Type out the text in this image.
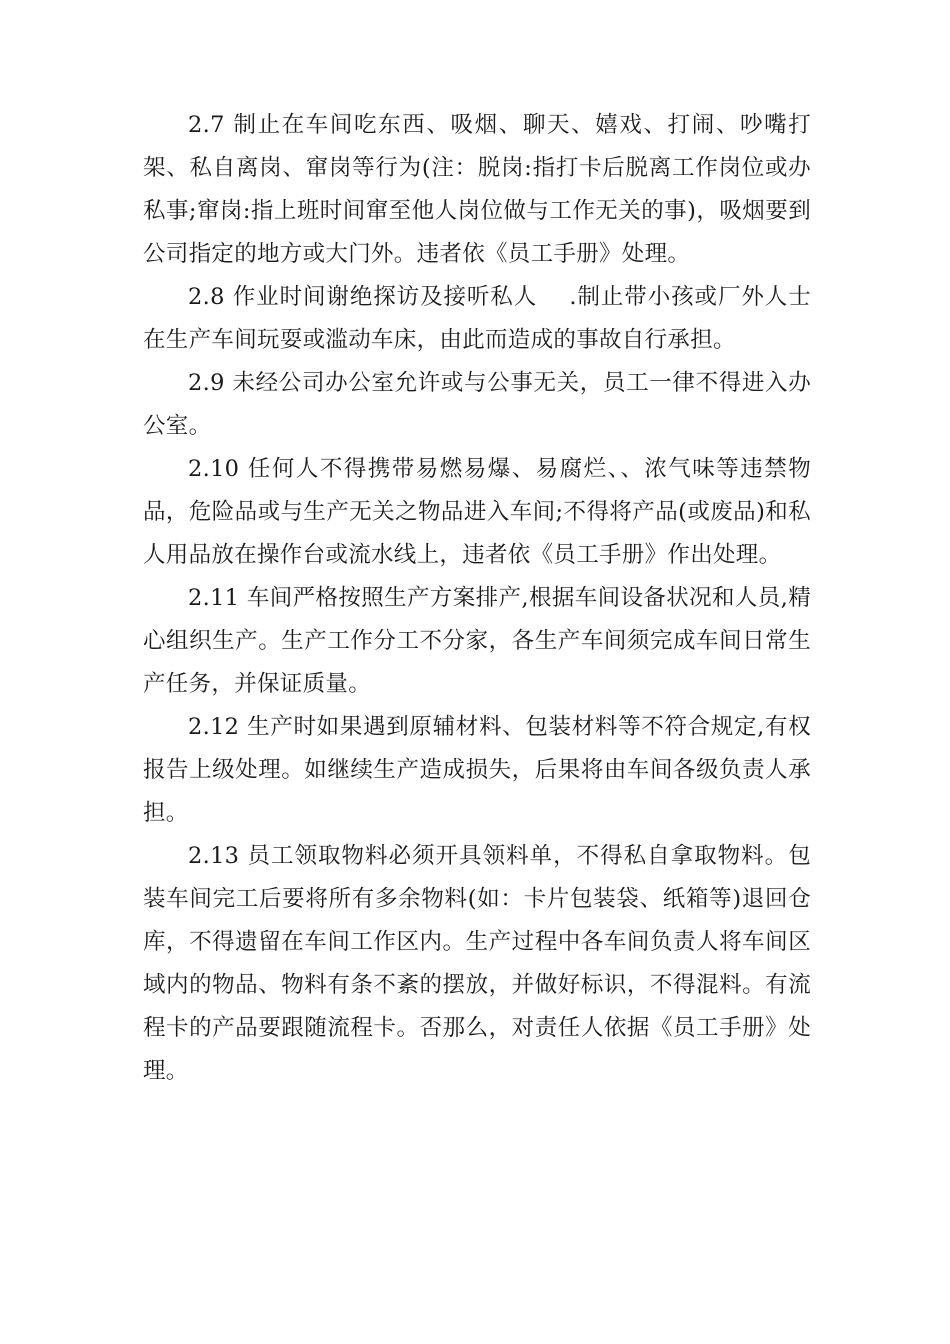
2.7 制止在车间吃东西、吸烟、聊天、嬉戏、打闹、吵嘴打架、私自离岗、窜岗等行为(注：脱岗:指打卡后脱离工作岗位或办私事;窜岗:指上班时间窜至他人岗位做与工作无关的事)，吸烟要到公司指定的地方或大门外。违者依《员工手册》处理。

2.8 作业时间谢绝探访及接听私人    .制止带小孩或厂外人士在生产车间玩耍或滥动车床，由此而造成的事故自行承担。

2.9 未经公司办公室允许或与公事无关，员工一律不得进入办公室。

2.10 任何人不得携带易燃易爆、易腐烂、、浓气味等违禁物品，危险品或与生产无关之物品进入车间;不得将产品(或废品)和私人用品放在操作台或流水线上，违者依《员工手册》作出处理。

2.11 车间严格按照生产方案排产,根据车间设备状况和人员,精心组织生产。生产工作分工不分家，各生产车间须完成车间日常生产任务，并保证质量。

2.12 生产时如果遇到原辅材料、包装材料等不符合规定,有权报告上级处理。如继续生产造成损失，后果将由车间各级负责人承担。

2.13 员工领取物料必须开具领料单，不得私自拿取物料。包装车间完工后要将所有多余物料(如：卡片包装袋、纸箱等)退回仓库，不得遗留在车间工作区内。生产过程中各车间负责人将车间区域内的物品、物料有条不紊的摆放，并做好标识，不得混料。有流程卡的产品要跟随流程卡。否那么，对责任人依据《员工手册》处理。
